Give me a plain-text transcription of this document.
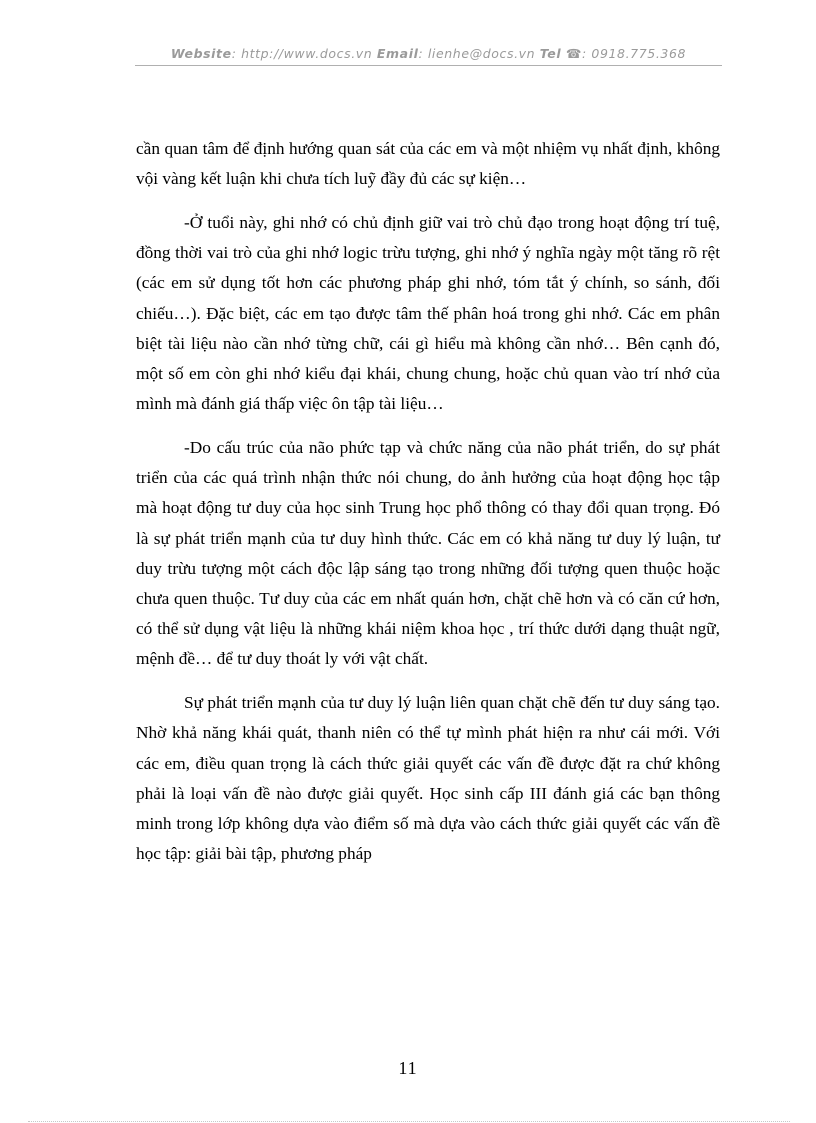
Website: http://www.docs.vn Email: lienhe@docs.vn Tel ☎: 0918.775.368

cần quan tâm để định hướng quan sát của các em và một nhiệm vụ nhất định, không vội vàng kết luận khi chưa tích luỹ đầy đủ các sự kiện…

-Ở tuổi này, ghi nhớ có chủ định giữ vai trò chủ đạo trong hoạt động trí tuệ, đồng thời vai trò của ghi nhớ logic trừu tượng, ghi nhớ ý nghĩa ngày một tăng rõ rệt (các em sử dụng tốt hơn các phương pháp ghi nhớ, tóm tắt ý chính, so sánh, đối chiếu…). Đặc biệt, các em tạo được tâm thế phân hoá trong ghi nhớ. Các em phân biệt tài liệu nào cần nhớ từng chữ, cái gì hiểu mà không cần nhớ… Bên cạnh đó, một số em còn ghi nhớ kiểu đại khái, chung chung, hoặc chủ quan vào trí nhớ của mình mà đánh giá thấp việc ôn tập tài liệu…

-Do cấu trúc của não phức tạp và chức năng của não phát triển, do sự phát triển của các quá trình nhận thức nói chung, do ảnh hưởng của hoạt động học tập mà hoạt động tư duy của học sinh Trung học phổ thông có thay đổi quan trọng. Đó là sự phát triển mạnh của tư duy hình thức. Các em có khả năng tư duy lý luận, tư duy trừu tượng một cách độc lập sáng tạo trong những đối tượng quen thuộc hoặc chưa quen thuộc. Tư duy của các em nhất quán hơn, chặt chẽ hơn và có căn cứ hơn, có thể sử dụng vật liệu là những khái niệm khoa học , trí thức dưới dạng thuật ngữ, mệnh đề… để tư duy thoát ly với vật chất.

Sự phát triển mạnh của tư duy lý luận liên quan chặt chẽ đến tư duy sáng tạo. Nhờ khả năng khái quát, thanh niên có thể tự mình phát hiện ra như cái mới. Với các em, điều quan trọng là cách thức giải quyết các vấn đề được đặt ra chứ không phải là loại vấn đề nào được giải quyết. Học sinh cấp III đánh giá các bạn thông minh trong lớp không dựa vào điểm số mà dựa vào cách thức giải quyết các vấn đề học tập: giải bài tập, phương pháp

11
